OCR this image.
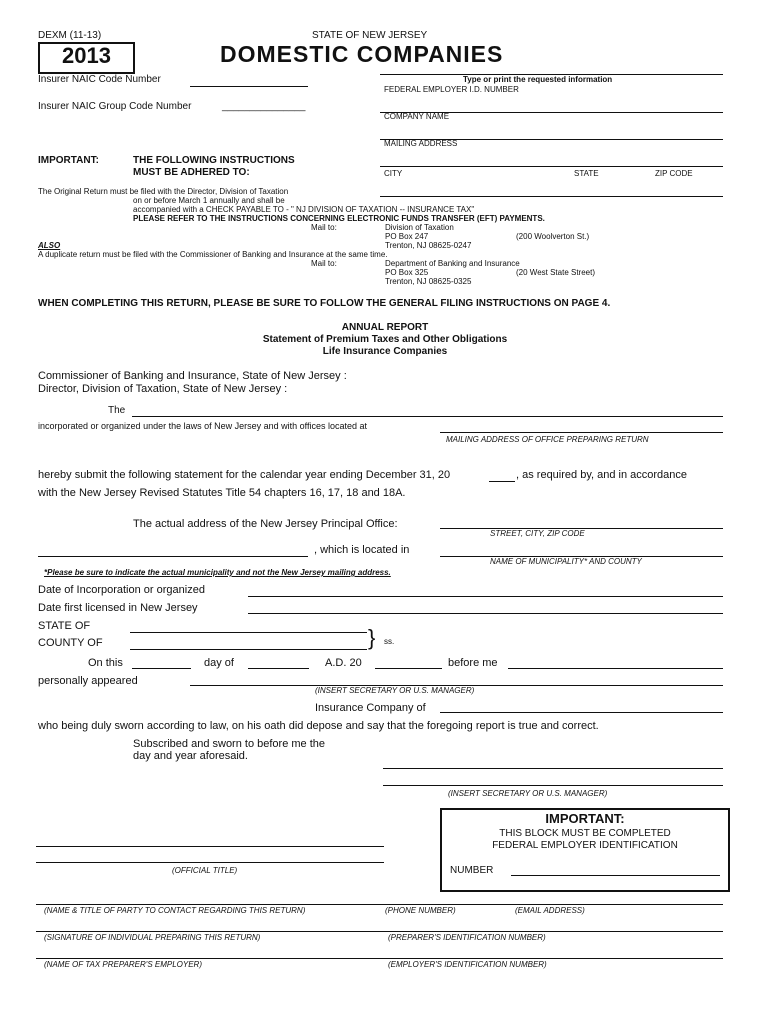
DEXM (11-13)	STATE OF NEW JERSEY
2013	DOMESTIC COMPANIES
Insurer NAIC Code Number
Insurer NAIC Group Code Number	_______________
Type or print the requested information
FEDERAL EMPLOYER I.D. NUMBER
COMPANY NAME
MAILING ADDRESS
CITY	STATE	ZIP CODE
IMPORTANT:	THE FOLLOWING INSTRUCTIONS
MUST BE ADHERED TO:
The Original Return must be filed with the Director, Division of Taxation
on or before March 1 annually and shall be
accompanied with a CHECK PAYABLE TO - " NJ DIVISION OF TAXATION -- INSURANCE TAX"
PLEASE REFER TO THE INSTRUCTIONS CONCERNING ELECTRONIC FUNDS TRANSFER (EFT) PAYMENTS.
Mail to:	Division of Taxation
PO Box 247	(200 Woolverton St.)
Trenton, NJ 08625-0247
ALSO
A duplicate return must be filed with the Commissioner of Banking and Insurance at the same time.
Mail to:	Department of Banking and Insurance
PO Box 325	(20 West State Street)
Trenton, NJ 08625-0325
WHEN COMPLETING THIS RETURN, PLEASE BE SURE TO FOLLOW THE GENERAL FILING INSTRUCTIONS ON PAGE 4.
ANNUAL REPORT
Statement of Premium Taxes and Other Obligations
Life Insurance Companies
Commissioner of Banking and Insurance, State of New Jersey :
Director, Division of Taxation, State of New Jersey :
The
incorporated or organized under the laws of New Jersey and with offices located at
MAILING ADDRESS OF OFFICE PREPARING RETURN
hereby submit the following statement for the calendar year ending December 31, 20	, as required by, and in accordance
with the New Jersey Revised Statutes Title 54 chapters 16, 17, 18 and 18A.
The actual address of the New Jersey Principal Office:
STREET, CITY, ZIP CODE
, which is located in
NAME OF MUNICIPALITY* AND COUNTY
*Please be sure to indicate the actual municipality and not the New Jersey mailing address.
Date of Incorporation or organized
Date first licensed in New Jersey
STATE OF
COUNTY OF	} ss.
On this	day of	A.D. 20	before me
personally appeared
(INSERT SECRETARY OR U.S. MANAGER)
Insurance Company of
who being duly sworn according to law, on his oath did depose and say that the foregoing report is true and correct.
Subscribed and sworn to before me the
day and year aforesaid.
(INSERT SECRETARY OR U.S. MANAGER)
(OFFICIAL TITLE)
IMPORTANT:
THIS BLOCK MUST BE COMPLETED
FEDERAL EMPLOYER IDENTIFICATION
NUMBER
(NAME & TITLE OF PARTY TO CONTACT REGARDING THIS RETURN)	(PHONE NUMBER)	(EMAIL ADDRESS)
(SIGNATURE OF INDIVIDUAL PREPARING THIS RETURN)	(PREPARER'S IDENTIFICATION NUMBER)
(NAME OF TAX PREPARER'S EMPLOYER)	(EMPLOYER'S IDENTIFICATION NUMBER)
